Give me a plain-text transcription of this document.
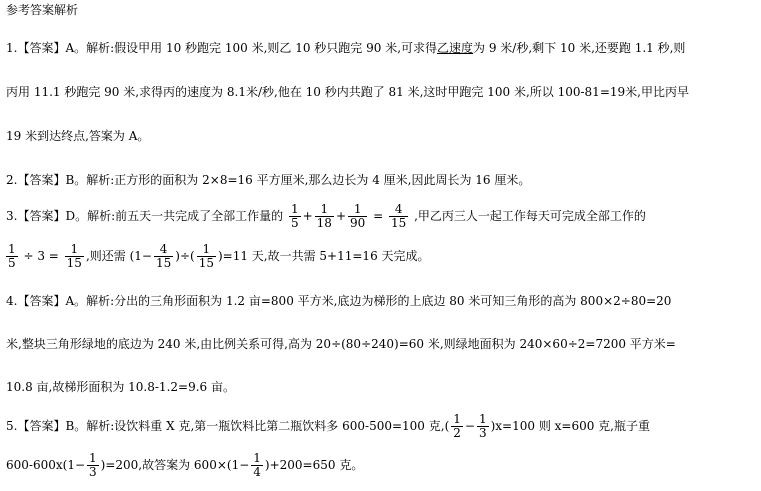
参考答案解析
1.【答案】A。解析:假设甲用 10 秒跑完 100 米,则乙 10 秒只跑完 90 米,可求得乙速度为 9 米/秒,剩下 10 米,还要跑 1.1 秒,则
丙用 11.1 秒跑完 90 米,求得丙的速度为 8.1米/秒,他在 10 秒内共跑了 81 米,这时甲跑完 100 米,所以 100-81=19米,甲比丙早
19 米到达终点,答案为 A。
2.【答案】B。解析:正方形的面积为 2×8=16 平方厘米,那么边长为 4 厘米,因此周长为 16 厘米。
3.【答案】D。解析:前五天一共完成了全部工作量的 $\frac{1}{5} + \frac{1}{18} + \frac{1}{90} = \frac{4}{15}$ ,甲乙丙三人一起工作每天可完成全部工作的
$\frac{1}{5} \div 3 = \frac{1}{15}$ ,则还需 ($1- \frac{4}{15}$ )÷( $\frac{1}{15} )=11$ 天,故一共需 5+11=16 天完成。
4.【答案】A。解析:分出的三角形面积为 1.2 亩=800 平方米,底边为梯形的上底边 80 米可知三角形的高为 800×2÷80=20
米,整块三角形绿地的底边为 240 米,由比例关系可得,高为 20÷(80÷240)=60 米,则绿地面积为 240×60÷2=7200 平方米=
10.8 亩,故梯形面积为 10.8-1.2=9.6 亩。
5.【答案】B。解析:设饮料重 X 克,第一瓶饮料比第二瓶饮料多 600-500=100 克,( $\frac{1}{2} - \frac{1}{3} )x=100$ 则 x=600 克,瓶子重
$600-600x(1- \frac{1}{3} )=200$,故答案为 $600\times(1- \frac{1}{4} )+200=650$ 克。
